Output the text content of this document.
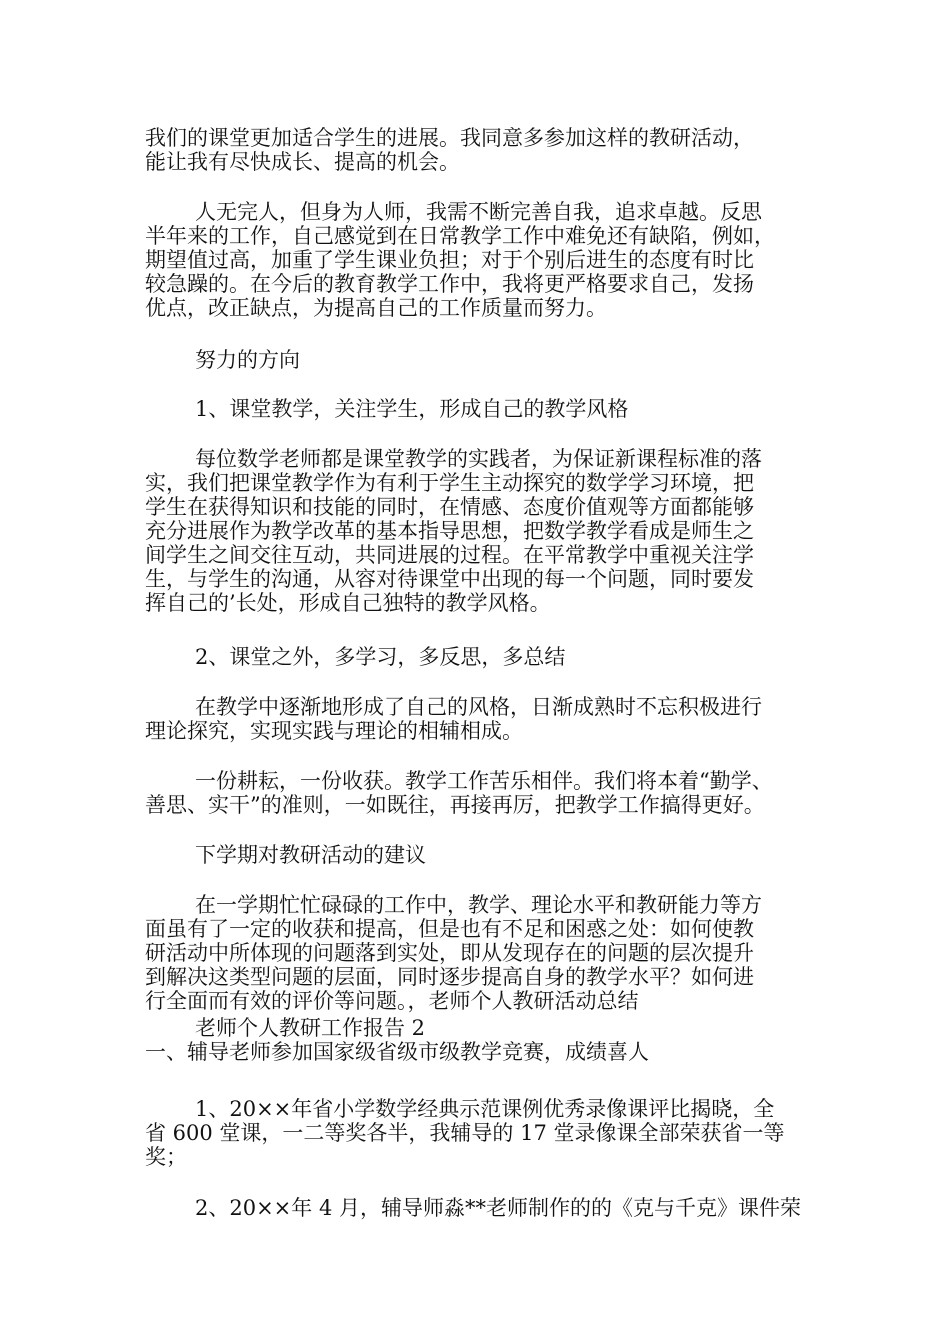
我们的课堂更加适合学生的进展。我同意多参加这样的教研活动，

能让我有尽快成长、提高的机会。

人无完人，但身为人师，我需不断完善自我，追求卓越。反思

半年来的工作，自己感觉到在日常教学工作中难免还有缺陷，例如，

期望值过高，加重了学生课业负担；对于个别后进生的态度有时比

较急躁的。在今后的教育教学工作中，我将更严格要求自己，发扬

优点，改正缺点，为提高自己的工作质量而努力。

努力的方向

1、课堂教学，关注学生，形成自己的教学风格

每位数学老师都是课堂教学的实践者，为保证新课程标准的落

实，我们把课堂教学作为有利于学生主动探究的数学学习环境，把

学生在获得知识和技能的同时，在情感、态度价值观等方面都能够

充分进展作为教学改革的基本指导思想，把数学教学看成是师生之

间学生之间交往互动，共同进展的过程。在平常教学中重视关注学

生，与学生的沟通，从容对待课堂中出现的每一个问题，同时要发

挥自己的’长处，形成自己独特的教学风格。

2、课堂之外，多学习，多反思，多总结

在教学中逐渐地形成了自己的风格，日渐成熟时不忘积极进行

理论探究，实现实践与理论的相辅相成。

一份耕耘，一份收获。教学工作苦乐相伴。我们将本着“勤学、

善思、实干”的准则，一如既往，再接再厉，把教学工作搞得更好。

下学期对教研活动的建议

在一学期忙忙碌碌的工作中，教学、理论水平和教研能力等方

面虽有了一定的收获和提高，但是也有不足和困惑之处：如何使教

研活动中所体现的问题落到实处，即从发现存在的问题的层次提升

到解决这类型问题的层面，同时逐步提高自身的教学水平？如何进

行全面而有效的评价等问题。，老师个人教研活动总结

老师个人教研工作报告 2

一、辅导老师参加国家级省级市级教学竞赛，成绩喜人

1、20××年省小学数学经典示范课例优秀录像课评比揭晓，全

省 600 堂课，一二等奖各半，我辅导的 17 堂录像课全部荣获省一等

奖；

2、20××年 4 月，辅导师淼**老师制作的的《克与千克》课件荣
